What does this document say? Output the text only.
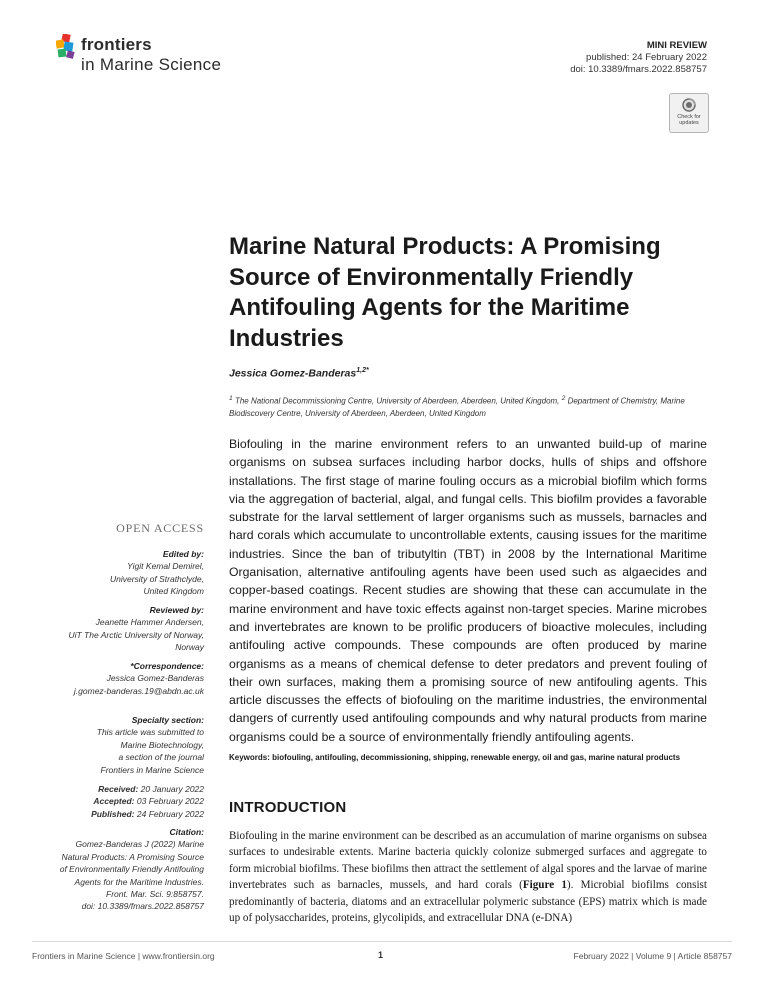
frontiers
in Marine Science
MINI REVIEW
published: 24 February 2022
doi: 10.3389/fmars.2022.858757
Check for updates
Marine Natural Products: A Promising Source of Environmentally Friendly Antifouling Agents for the Maritime Industries
Jessica Gomez-Banderas$^{1,2*}$
$^1$ The National Decommissioning Centre, University of Aberdeen, Aberdeen, United Kingdom, $^2$ Department of Chemistry, Marine Biodiscovery Centre, University of Aberdeen, Aberdeen, United Kingdom
Biofouling in the marine environment refers to an unwanted build-up of marine organisms on subsea surfaces including harbor docks, hulls of ships and offshore installations. The first stage of marine fouling occurs as a microbial biofilm which forms via the aggregation of bacterial, algal, and fungal cells. This biofilm provides a favorable substrate for the larval settlement of larger organisms such as mussels, barnacles and hard corals which accumulate to uncontrollable extents, causing issues for the maritime industries. Since the ban of tributyltin (TBT) in 2008 by the International Maritime Organisation, alternative antifouling agents have been used such as algaecides and copper-based coatings. Recent studies are showing that these can accumulate in the marine environment and have toxic effects against non-target species. Marine microbes and invertebrates are known to be prolific producers of bioactive molecules, including antifouling active compounds. These compounds are often produced by marine organisms as a means of chemical defense to deter predators and prevent fouling of their own surfaces, making them a promising source of new antifouling agents. This article discusses the effects of biofouling on the maritime industries, the environmental dangers of currently used antifouling compounds and why natural products from marine organisms could be a source of environmentally friendly antifouling agents.
Keywords: biofouling, antifouling, decommissioning, shipping, renewable energy, oil and gas, marine natural products
INTRODUCTION
Biofouling in the marine environment can be described as an accumulation of marine organisms on subsea surfaces to undesirable extents. Marine bacteria quickly colonize submerged surfaces and aggregate to form microbial biofilms. These biofilms then attract the settlement of algal spores and the larvae of marine invertebrates such as barnacles, mussels, and hard corals (Figure 1). Microbial biofilms consist predominantly of bacteria, diatoms and an extracellular polymeric substance (EPS) matrix which is made up of polysaccharides, proteins, glycolipids, and extracellular DNA (e-DNA)
OPEN ACCESS
Edited by:
Yigit Kemal Demirel,
University of Strathclyde,
United Kingdom
Reviewed by:
Jeanette Hammer Andersen,
UiT The Arctic University of Norway,
Norway
*Correspondence:
Jessica Gomez-Banderas
j.gomez-banderas.19@abdn.ac.uk
Specialty section:
This article was submitted to
Marine Biotechnology,
a section of the journal
Frontiers in Marine Science
Received: 20 January 2022
Accepted: 03 February 2022
Published: 24 February 2022
Citation:
Gomez-Banderas J (2022) Marine
Natural Products: A Promising Source
of Environmentally Friendly Antifouling
Agents for the Maritime Industries.
Front. Mar. Sci. 9:858757.
doi: 10.3389/fmars.2022.858757
Frontiers in Marine Science | www.frontiersin.org	1	February 2022 | Volume 9 | Article 858757
